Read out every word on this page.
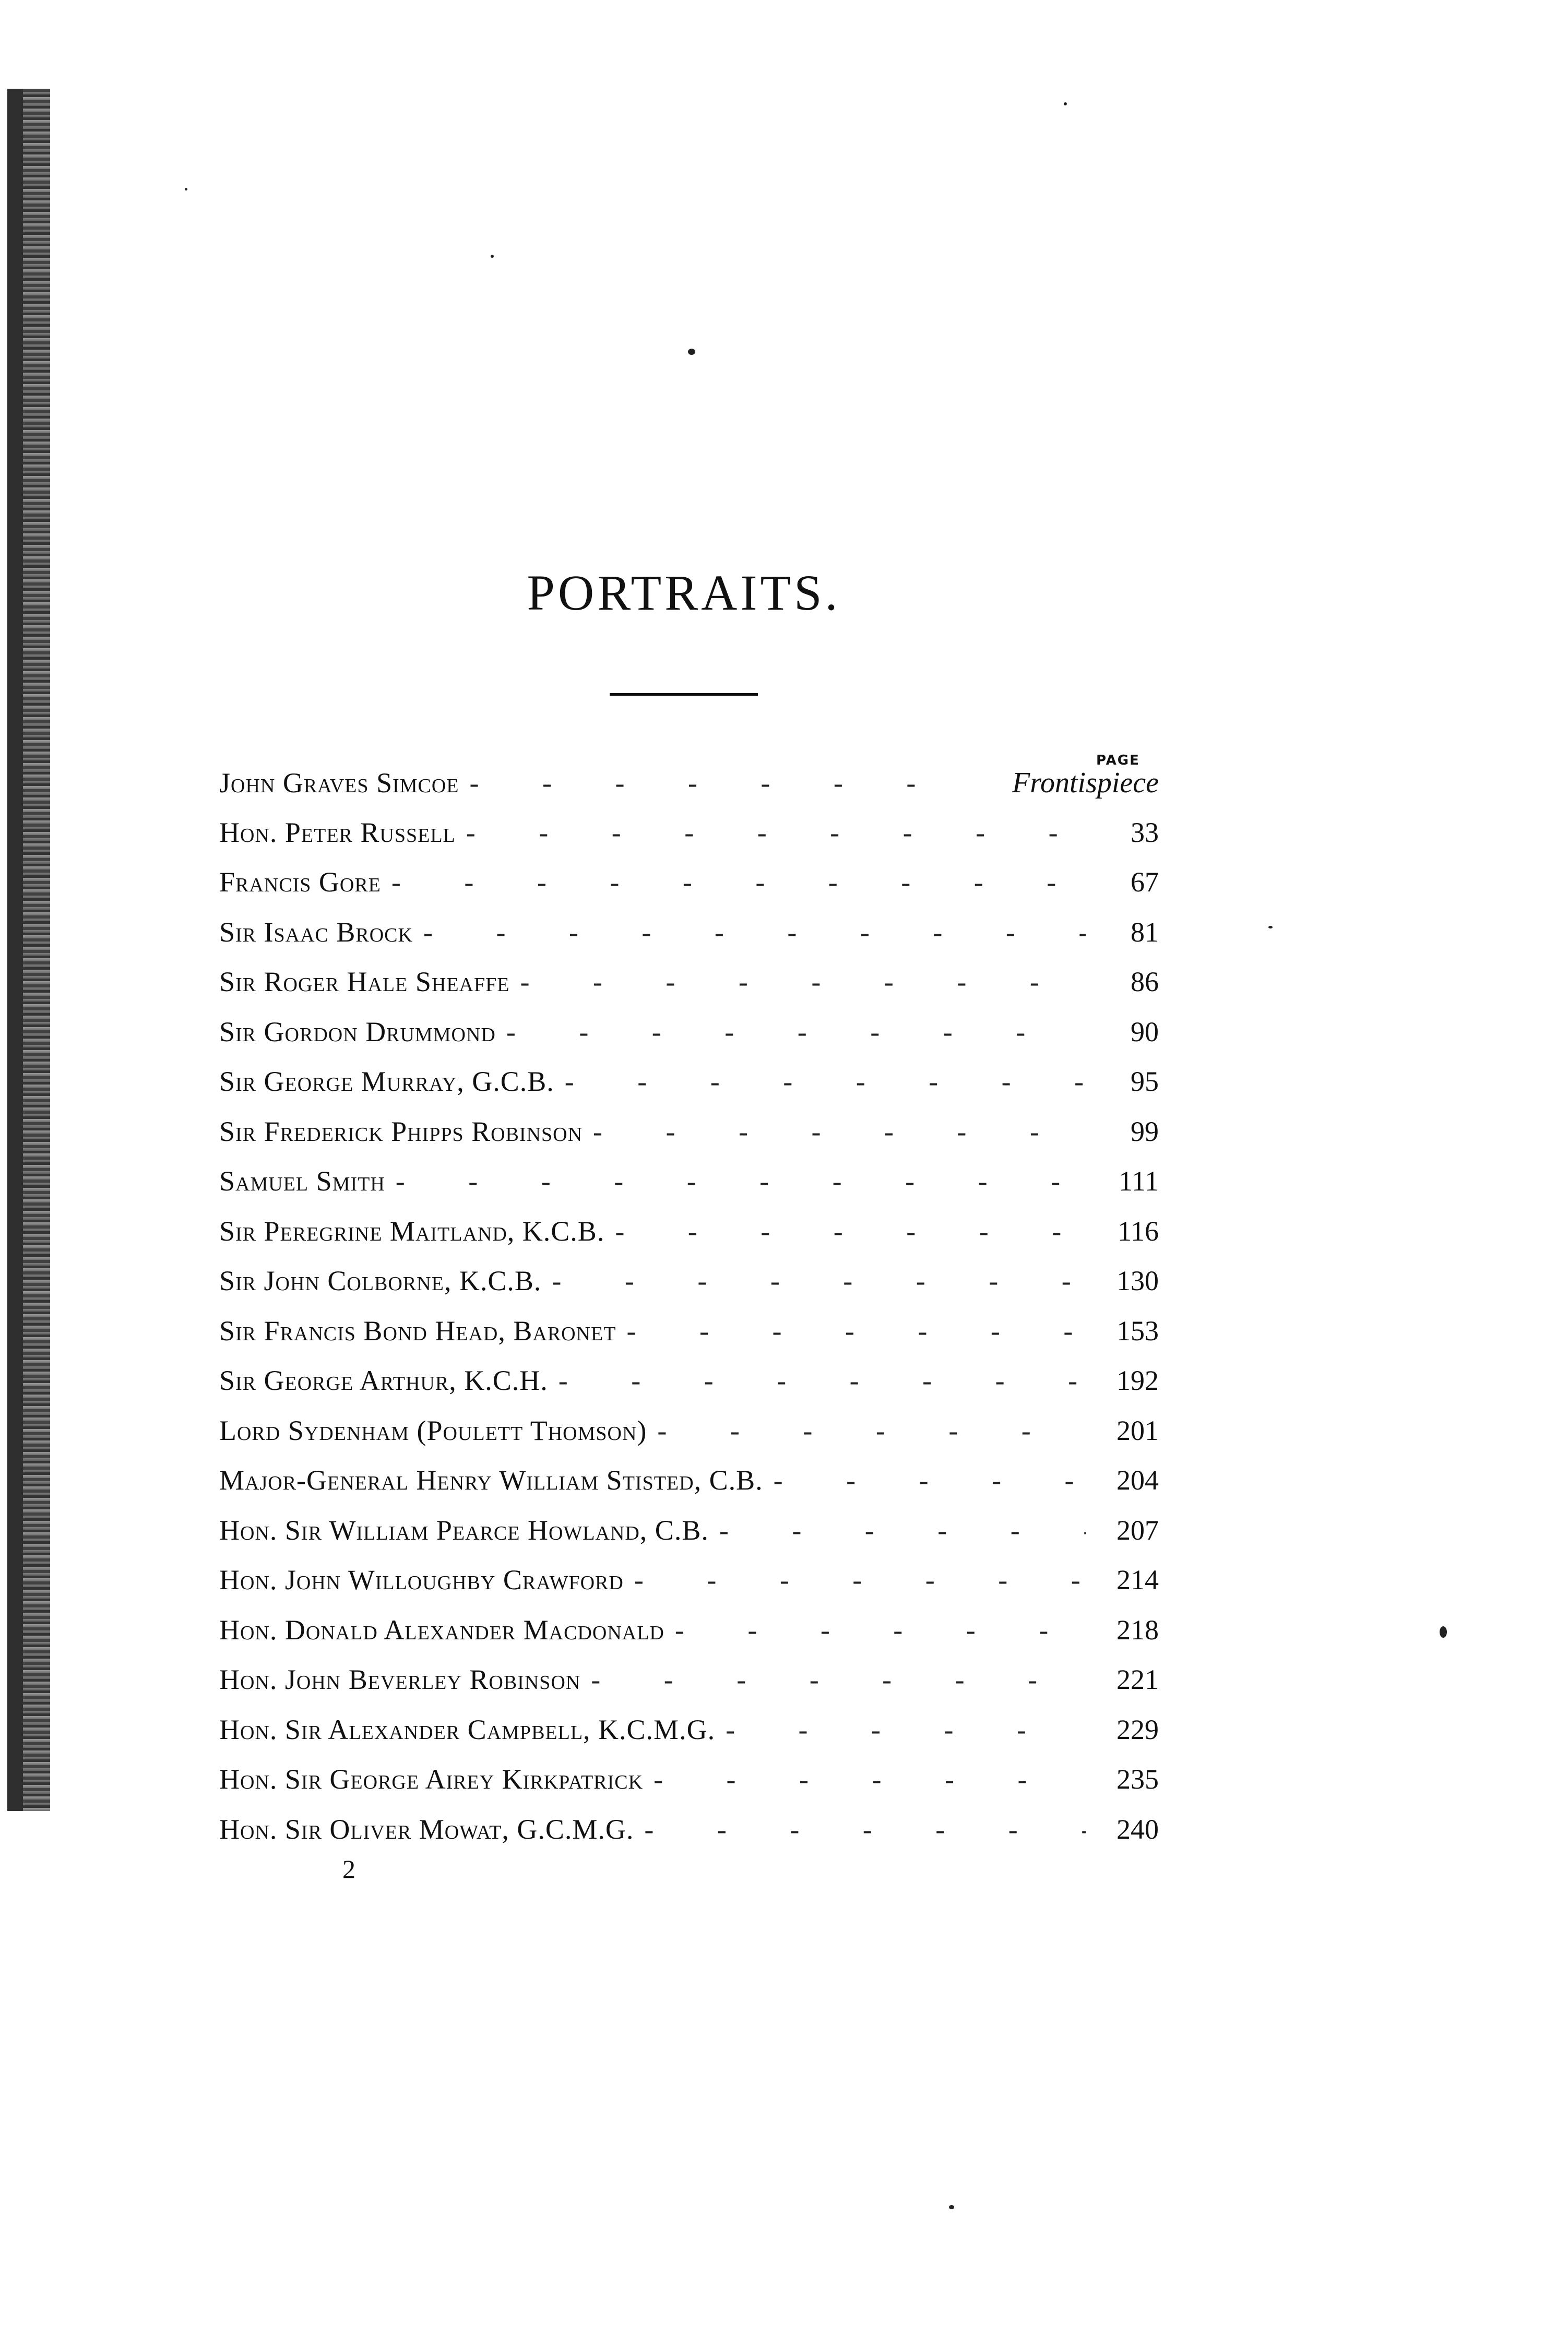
PORTRAITS.
PAGE
John Graves Simcoe - - -	Frontispiece
Hon. Peter Russell - - -	33
Francis Gore - - -	67
Sir Isaac Brock - - -	81
Sir Roger Hale Sheaffe - - -	86
Sir Gordon Drummond - - -	90
Sir George Murray, G.C.B. - - -	95
Sir Frederick Phipps Robinson - - -	99
Samuel Smith - - -	111
Sir Peregrine Maitland, K.C.B. - - -	116
Sir John Colborne, K.C.B. - - -	130
Sir Francis Bond Head, Baronet - - -	153
Sir George Arthur, K.C.H. - - -	192
Lord Sydenham (Poulett Thomson) - - -	201
Major-General Henry William Stisted, C.B. - - -	204
Hon. Sir William Pearce Howland, C.B. - - -	207
Hon. John Willoughby Crawford - - -	214
Hon. Donald Alexander Macdonald - - -	218
Hon. John Beverley Robinson - - -	221
Hon. Sir Alexander Campbell, K.C.M.G. - - -	229
Hon. Sir George Airey Kirkpatrick - - -	235
Hon. Sir Oliver Mowat, G.C.M.G. - - -	240
2
